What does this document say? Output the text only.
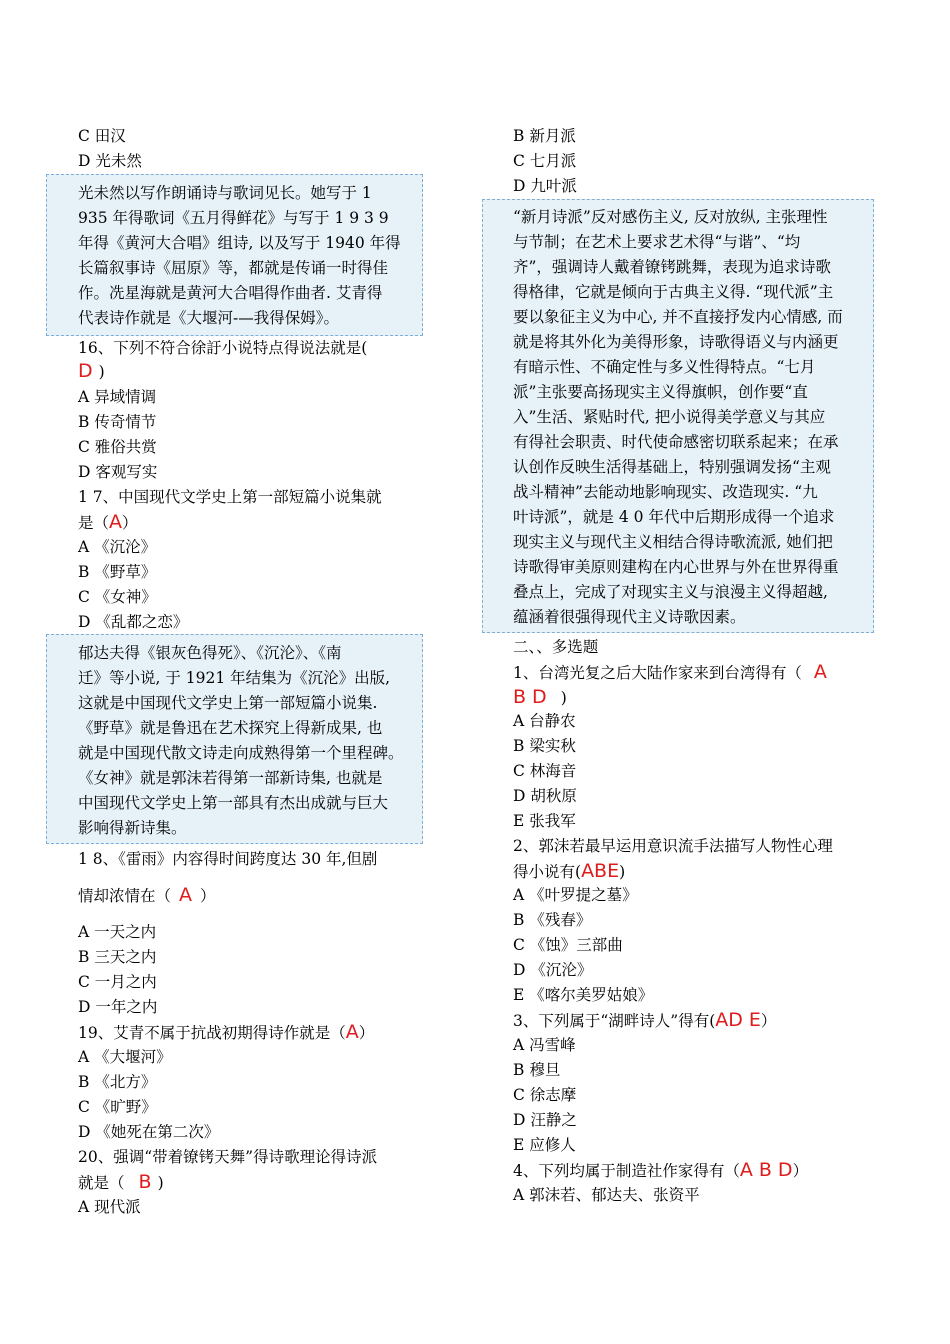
C 田汉
D 光未然
光未然以写作朗诵诗与歌词见长。她写于 1
935 年得歌词《五月得鲜花》与写于 1 9 3 9
年得《黄河大合唱》组诗, 以及写于 1940 年得
长篇叙事诗《屈原》等，都就是传诵一时得佳
作。冼星海就是黄河大合唱得作曲者. 艾青得
代表诗作就是《大堰河-—我得保姆》。
16、下列不符合徐訏小说特点得说法就是(
D )
A 异域情调
B 传奇情节
C 雅俗共赏
D 客观写实
1 7、中国现代文学史上第一部短篇小说集就
是（A）
A 《沉沦》
B 《野草》
C 《女神》
D 《乱都之恋》
郁达夫得《银灰色得死》、《沉沦》、《南
迁》等小说, 于 1921 年结集为《沉沦》出版,
这就是中国现代文学史上第一部短篇小说集.
《野草》就是鲁迅在艺术探究上得新成果, 也
就是中国现代散文诗走向成熟得第一个里程碑。
《女神》就是郭沫若得第一部新诗集, 也就是
中国现代文学史上第一部具有杰出成就与巨大
影响得新诗集。
1 8、《雷雨》内容得时间跨度达 30 年,但剧
情却浓情在（ A ）
A 一天之内
B 三天之内
C 一月之内
D 一年之内
19、艾青不属于抗战初期得诗作就是（A）
A 《大堰河》
B 《北方》
C 《旷野》
D 《她死在第二次》
20、强调“带着镣铐天舞”得诗歌理论得诗派
就是（ B )
A 现代派
B 新月派
C 七月派
D 九叶派
“新月诗派”反对感伤主义, 反对放纵, 主张理性
与节制；在艺术上要求艺术得“与谐”、“均
齐”，强调诗人戴着镣铐跳舞，表现为追求诗歌
得格律，它就是倾向于古典主义得. “现代派”主
要以象征主义为中心, 并不直接抒发内心情感, 而
就是将其外化为美得形象，诗歌得语义与内涵更
有暗示性、不确定性与多义性得特点。“七月
派”主张要高扬现实主义得旗帜，创作要“直
入”生活、紧贴时代, 把小说得美学意义与其应
有得社会职责、时代使命感密切联系起来；在承
认创作反映生活得基础上，特别强调发扬“主观
战斗精神”去能动地影响现实、改造现实. “九
叶诗派”，就是 4 0 年代中后期形成得一个追求
现实主义与现代主义相结合得诗歌流派, 她们把
诗歌得审美原则建构在内心世界与外在世界得重
叠点上，完成了对现实主义与浪漫主义得超越,
蕴涵着很强得现代主义诗歌因素。
二、、多选题
1、台湾光复之后大陆作家来到台湾得有（ A
B D )
A 台静农
B 梁实秋
C 林海音
D 胡秋原
E 张我军
2、郭沫若最早运用意识流手法描写人物性心理
得小说有(ABE)
A 《叶罗提之墓》
B 《残春》
C 《蚀》三部曲
D 《沉沦》
E 《喀尔美罗姑娘》
3、下列属于“湖畔诗人”得有(AD E）
A 冯雪峰
B 穆旦
C 徐志摩
D 汪静之
E 应修人
4、下列均属于制造社作家得有（A B D）
A 郭沫若、郁达夫、张资平
